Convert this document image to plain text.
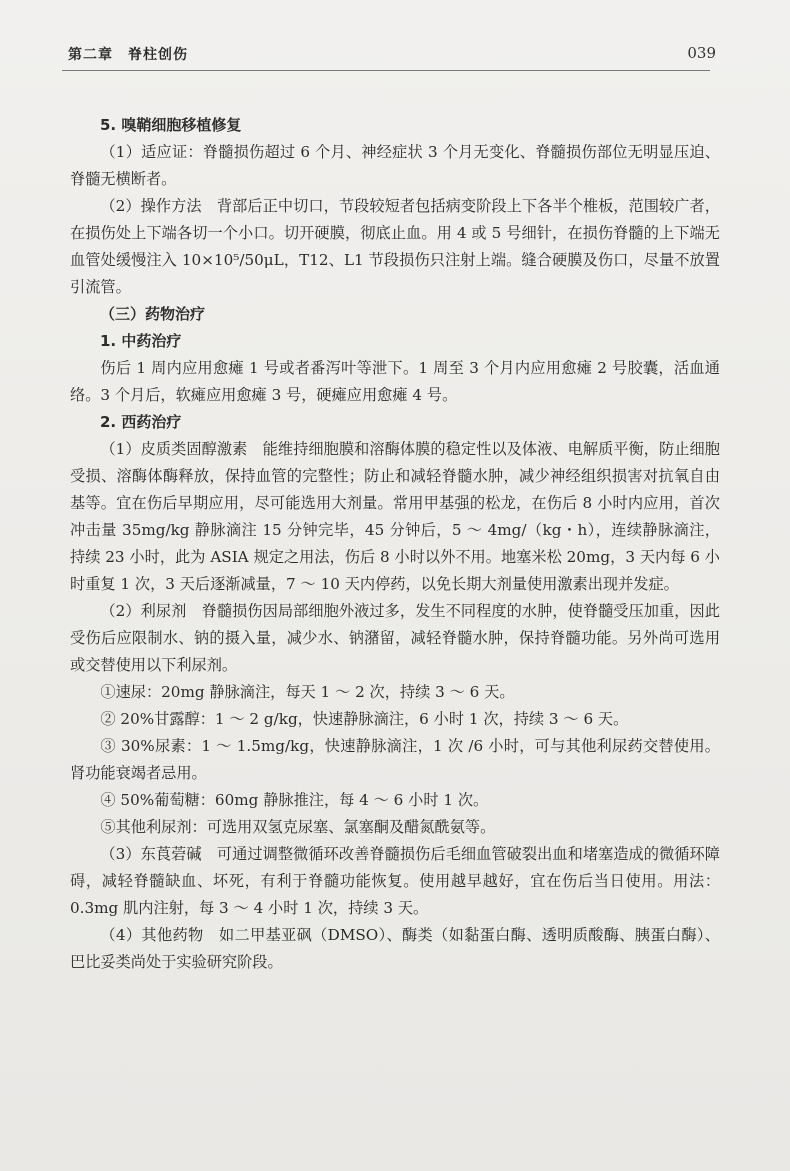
第二章　脊柱创伤	039

5. 嗅鞘细胞移植修复

（1）适应证：脊髓损伤超过 6 个月、神经症状 3 个月无变化、脊髓损伤部位无明显压迫、脊髓无横断者。

（2）操作方法　背部后正中切口，节段较短者包括病变阶段上下各半个椎板，范围较广者，在损伤处上下端各切一个小口。切开硬膜，彻底止血。用 4 或 5 号细针，在损伤脊髓的上下端无血管处缓慢注入 10×10⁵/50μL，T12、L1 节段损伤只注射上端。缝合硬膜及伤口，尽量不放置引流管。

（三）药物治疗

1. 中药治疗

伤后 1 周内应用愈瘫 1 号或者番泻叶等泄下。1 周至 3 个月内应用愈瘫 2 号胶囊，活血通络。3 个月后，软瘫应用愈瘫 3 号，硬瘫应用愈瘫 4 号。

2. 西药治疗

（1）皮质类固醇激素　能维持细胞膜和溶酶体膜的稳定性以及体液、电解质平衡，防止细胞受损、溶酶体酶释放，保持血管的完整性；防止和减轻脊髓水肿，减少神经组织损害对抗氧自由基等。宜在伤后早期应用，尽可能选用大剂量。常用甲基强的松龙，在伤后 8 小时内应用，首次冲击量 35mg/kg 静脉滴注 15 分钟完毕，45 分钟后，5 ～ 4mg/（kg・h），连续静脉滴注，持续 23 小时，此为 ASIA 规定之用法，伤后 8 小时以外不用。地塞米松 20mg，3 天内每 6 小时重复 1 次，3 天后逐渐减量，7 ～ 10 天内停药，以免长期大剂量使用激素出现并发症。

（2）利尿剂　脊髓损伤因局部细胞外液过多，发生不同程度的水肿，使脊髓受压加重，因此受伤后应限制水、钠的摄入量，减少水、钠潴留，减轻脊髓水肿，保持脊髓功能。另外尚可选用或交替使用以下利尿剂。

①速尿：20mg 静脉滴注，每天 1 ～ 2 次，持续 3 ～ 6 天。

② 20%甘露醇：1 ～ 2 g/kg，快速静脉滴注，6 小时 1 次，持续 3 ～ 6 天。

③ 30%尿素：1 ～ 1.5mg/kg，快速静脉滴注，1 次 /6 小时，可与其他利尿药交替使用。肾功能衰竭者忌用。

④ 50%葡萄糖：60mg 静脉推注，每 4 ～ 6 小时 1 次。

⑤其他利尿剂：可选用双氢克尿塞、氯塞酮及醋氮酰氨等。

（3）东莨菪碱　可通过调整微循环改善脊髓损伤后毛细血管破裂出血和堵塞造成的微循环障碍，减轻脊髓缺血、坏死，有利于脊髓功能恢复。使用越早越好，宜在伤后当日使用。用法：0.3mg 肌内注射，每 3 ～ 4 小时 1 次，持续 3 天。

（4）其他药物　如二甲基亚砜（DMSO）、酶类（如黏蛋白酶、透明质酸酶、胰蛋白酶）、巴比妥类尚处于实验研究阶段。
